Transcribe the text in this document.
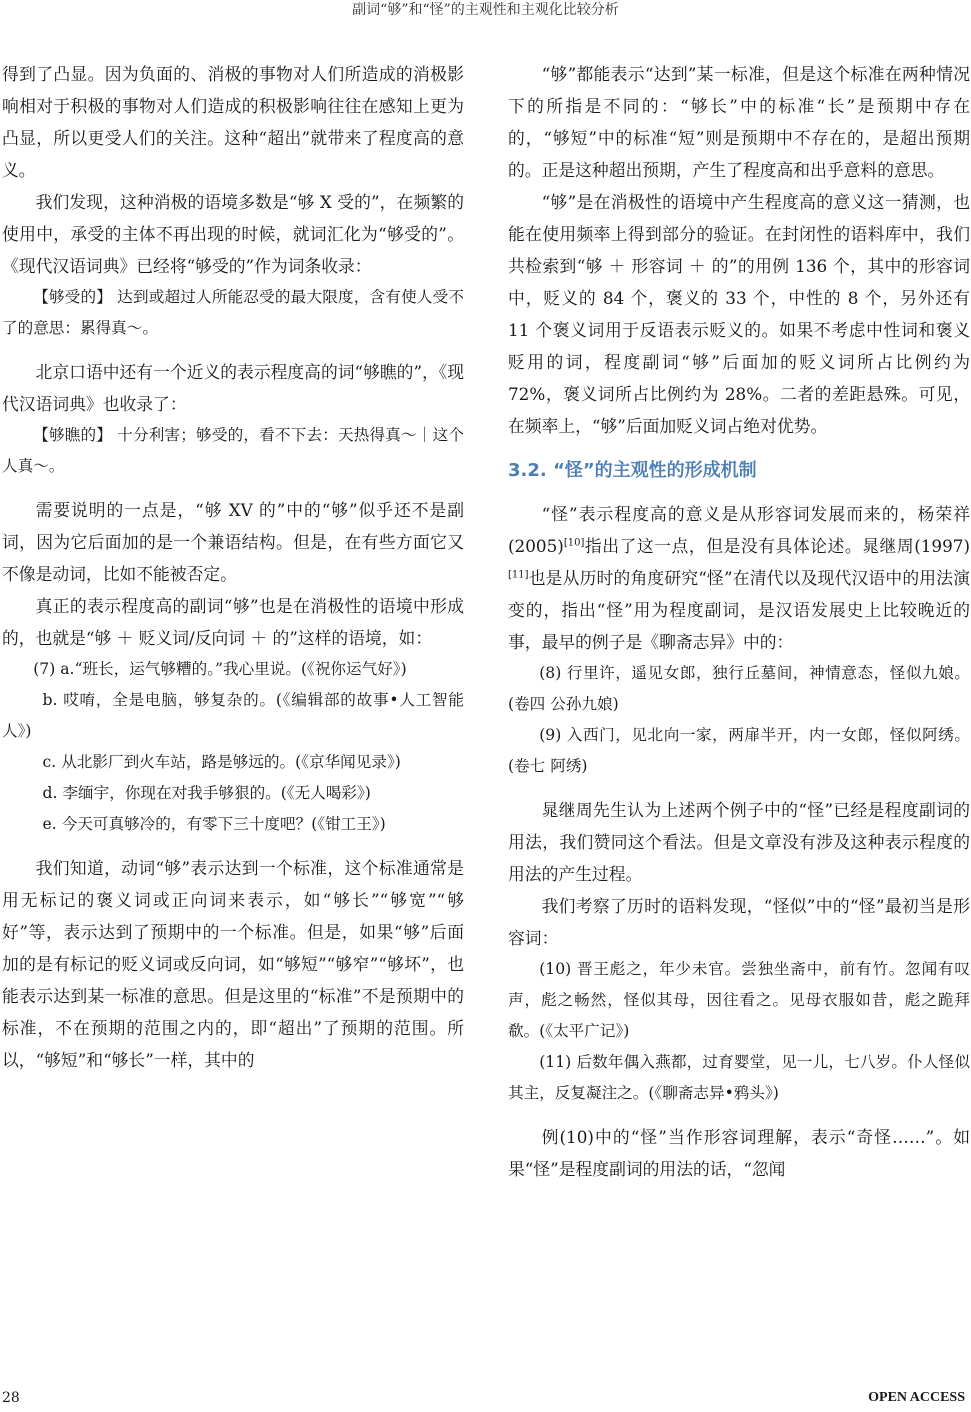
副词“够”和“怪”的主观性和主观化比较分析

得到了凸显。因为负面的、消极的事物对人们所造成的消极影响相对于积极的事物对人们造成的积极影响往往在感知上更为凸显，所以更受人们的关注。这种“超出”就带来了程度高的意义。

我们发现，这种消极的语境多数是“够 X 受的”，在频繁的使用中，承受的主体不再出现的时候，就词汇化为“够受的”。《现代汉语词典》已经将“够受的”作为词条收录：

【够受的】 达到或超过人所能忍受的最大限度，含有使人受不了的意思：累得真～。

北京口语中还有一个近义的表示程度高的词“够瞧的”，《现代汉语词典》也收录了：

【够瞧的】 十分利害；够受的，看不下去：天热得真～｜这个人真～。

需要说明的一点是，“够 XV 的”中的“够”似乎还不是副词，因为它后面加的是一个兼语结构。但是，在有些方面它又不像是动词，比如不能被否定。

真正的表示程度高的副词“够”也是在消极性的语境中形成的，也就是“够 ＋ 贬义词/反向词 ＋ 的”这样的语境，如：

(7) a.“班长，运气够糟的。”我心里说。(《祝你运气好》)

b. 哎唷，全是电脑，够复杂的。(《编辑部的故事•人工智能人》)

c. 从北影厂到火车站，路是够远的。(《京华闻见录》)

d. 李缅宇，你现在对我手够狠的。(《无人喝彩》)

e. 今天可真够冷的，有零下三十度吧？(《钳工王》)

我们知道，动词“够”表示达到一个标准，这个标准通常是用无标记的褒义词或正向词来表示，如“够长”“够宽”“够好”等，表示达到了预期中的一个标准。但是，如果“够”后面加的是有标记的贬义词或反向词，如“够短”“够窄”“够坏”，也能表示达到某一标准的意思。但是这里的“标准”不是预期中的标准，不在预期的范围之内的，即“超出”了预期的范围。所以，“够短”和“够长”一样，其中的

“够”都能表示“达到”某一标准，但是这个标准在两种情况下的所指是不同的：“够长”中的标准“长”是预期中存在的，“够短”中的标准“短”则是预期中不存在的，是超出预期的。正是这种超出预期，产生了程度高和出乎意料的意思。

“够”是在消极性的语境中产生程度高的意义这一猜测，也能在使用频率上得到部分的验证。在封闭性的语料库中，我们共检索到“够 ＋ 形容词 ＋ 的”的用例 136 个，其中的形容词中，贬义的 84 个，褒义的 33 个，中性的 8 个，另外还有 11 个褒义词用于反语表示贬义的。如果不考虑中性词和褒义贬用的词，程度副词“够”后面加的贬义词所占比例约为 72%，褒义词所占比例约为 28%。二者的差距悬殊。可见，在频率上，“够”后面加贬义词占绝对优势。

3.2. “怪”的主观性的形成机制

“怪”表示程度高的意义是从形容词发展而来的，杨荣祥(2005)[10]指出了这一点，但是没有具体论述。晁继周(1997)[11]也是从历时的角度研究“怪”在清代以及现代汉语中的用法演变的，指出“怪”用为程度副词，是汉语发展史上比较晚近的事，最早的例子是《聊斋志异》中的：

(8) 行里许，遥见女郎，独行丘墓间，神情意态，怪似九娘。(卷四 公孙九娘)

(9) 入西门，见北向一家，两扉半开，内一女郎，怪似阿绣。(卷七 阿绣)

晁继周先生认为上述两个例子中的“怪”已经是程度副词的用法，我们赞同这个看法。但是文章没有涉及这种表示程度的用法的产生过程。

我们考察了历时的语料发现，“怪似”中的“怪”最初当是形容词：

(10) 晋王彪之，年少未官。尝独坐斋中，前有竹。忽闻有叹声，彪之畅然，怪似其母，因往看之。见母衣服如昔，彪之跪拜 欷。(《太平广记》)

(11) 后数年偶入燕都，过育婴堂，见一儿，七八岁。仆人怪似其主，反复凝注之。(《聊斋志异•鸦头》)

例(10)中的“怪”当作形容词理解，表示“奇怪……”。如果“怪”是程度副词的用法的话，“忽闻

28	OPEN ACCESS
